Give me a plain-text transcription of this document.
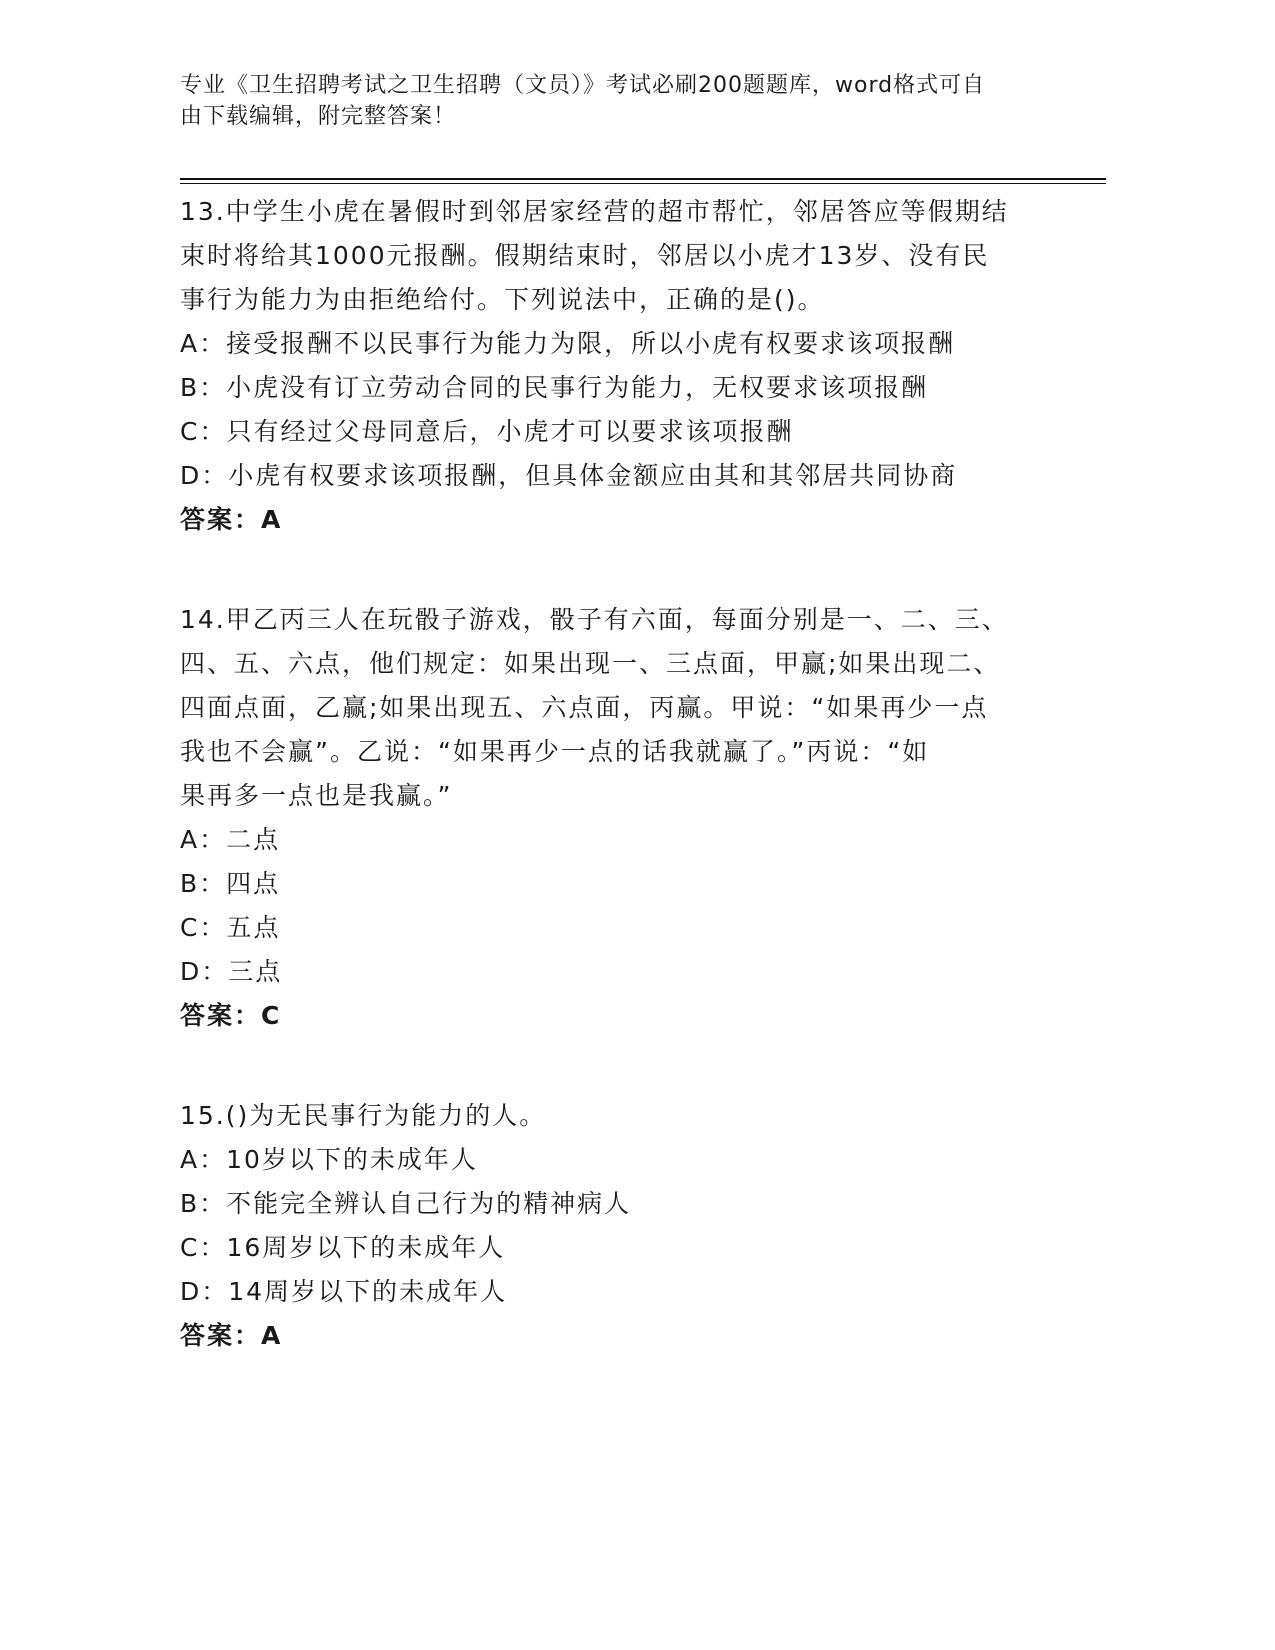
专业《卫生招聘考试之卫生招聘（文员）》考试必刷200题题库，word格式可自
由下载编辑，附完整答案！
13.中学生小虎在暑假时到邻居家经营的超市帮忙，邻居答应等假期结
束时将给其1000元报酬。假期结束时，邻居以小虎才13岁、没有民
事行为能力为由拒绝给付。下列说法中，正确的是()。
A：接受报酬不以民事行为能力为限，所以小虎有权要求该项报酬
B：小虎没有订立劳动合同的民事行为能力，无权要求该项报酬
C：只有经过父母同意后，小虎才可以要求该项报酬
D：小虎有权要求该项报酬，但具体金额应由其和其邻居共同协商
答案：A
14.甲乙丙三人在玩骰子游戏，骰子有六面，每面分别是一、二、三、
四、五、六点，他们规定：如果出现一、三点面，甲赢;如果出现二、
四面点面，乙赢;如果出现五、六点面，丙赢。甲说：“如果再少一点
我也不会赢”。乙说：“如果再少一点的话我就赢了。”丙说：“如
果再多一点也是我赢。”
A：二点
B：四点
C：五点
D：三点
答案：C
15.()为无民事行为能力的人。
A：10岁以下的未成年人
B：不能完全辨认自己行为的精神病人
C：16周岁以下的未成年人
D：14周岁以下的未成年人
答案：A
